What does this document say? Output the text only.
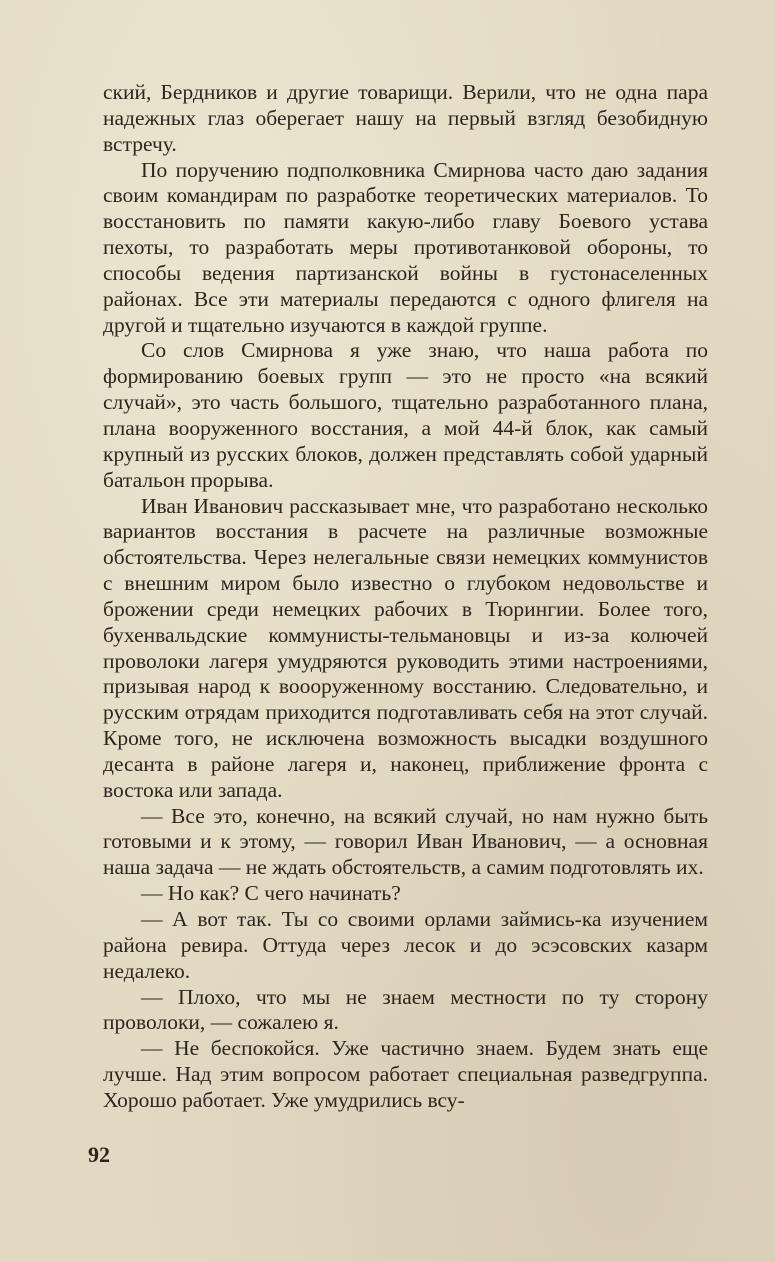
ский, Бердников и другие товарищи. Верили, что не одна пара надежных глаз оберегает нашу на первый взгляд безобидную встречу.

По поручению подполковника Смирнова часто даю задания своим командирам по разработке теоретических материалов. То восстановить по памяти какую-либо главу Боевого устава пехоты, то разработать меры противотанковой обороны, то способы ведения партизанской войны в густонаселенных районах. Все эти материалы передаются с одного флигеля на другой и тщательно изучаются в каждой группе.

Со слов Смирнова я уже знаю, что наша работа по формированию боевых групп — это не просто «на всякий случай», это часть большого, тщательно разработанного плана, плана вооруженного восстания, а мой 44-й блок, как самый крупный из русских блоков, должен представлять собой ударный батальон прорыва.

Иван Иванович рассказывает мне, что разработано несколько вариантов восстания в расчете на различные возможные обстоятельства. Через нелегальные связи немецких коммунистов с внешним миром было известно о глубоком недовольстве и брожении среди немецких рабочих в Тюрингии. Более того, бухенвальдские коммунисты-тельмановцы и из-за колючей проволоки лагеря умудряются руководить этими настроениями, призывая народ к воооруженному восстанию. Следовательно, и русским отрядам приходится подготавливать себя на этот случай. Кроме того, не исключена возможность высадки воздушного десанта в районе лагеря и, наконец, приближение фронта с востока или запада.

— Все это, конечно, на всякий случай, но нам нужно быть готовыми и к этому, — говорил Иван Иванович, — а основная наша задача — не ждать обстоятельств, а самим подготовлять их.

— Но как? С чего начинать?

— А вот так. Ты со своими орлами займись-ка изучением района ревира. Оттуда через лесок и до эсэсовских казарм недалеко.

— Плохо, что мы не знаем местности по ту сторону проволоки, — сожалею я.

— Не беспокойся. Уже частично знаем. Будем знать еще лучше. Над этим вопросом работает специальная разведгруппа. Хорошо работает. Уже умудрились всу-

92
